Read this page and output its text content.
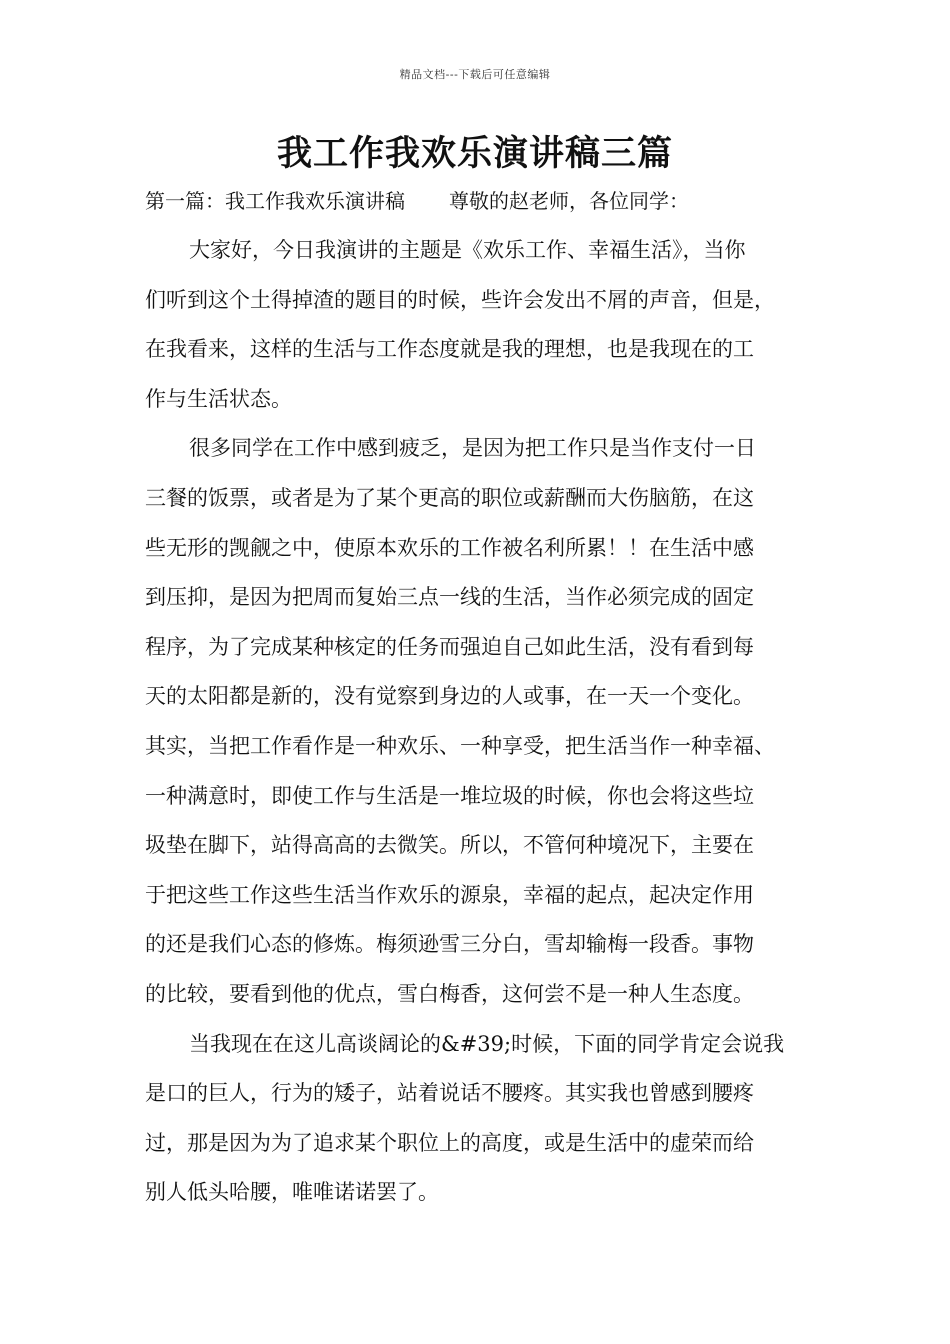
精品文档---下载后可任意编辑
我工作我欢乐演讲稿三篇
第一篇：我工作我欢乐演讲稿 尊敬的赵老师，各位同学：
大家好，今日我演讲的主题是《欢乐工作、幸福生活》，当你
们听到这个土得掉渣的题目的时候，些许会发出不屑的声音，但是，
在我看来，这样的生活与工作态度就是我的理想，也是我现在的工
作与生活状态。
很多同学在工作中感到疲乏，是因为把工作只是当作支付一日
三餐的饭票，或者是为了某个更高的职位或薪酬而大伤脑筋，在这
些无形的觊觎之中，使原本欢乐的工作被名利所累！！在生活中感
到压抑，是因为把周而复始三点一线的生活，当作必须完成的固定
程序，为了完成某种核定的任务而强迫自己如此生活，没有看到每
天的太阳都是新的，没有觉察到身边的人或事，在一天一个变化。
其实，当把工作看作是一种欢乐、一种享受，把生活当作一种幸福、
一种满意时，即使工作与生活是一堆垃圾的时候，你也会将这些垃
圾垫在脚下，站得高高的去微笑。所以，不管何种境况下，主要在
于把这些工作这些生活当作欢乐的源泉，幸福的起点，起决定作用
的还是我们心态的修炼。梅须逊雪三分白，雪却输梅一段香。事物
的比较，要看到他的优点，雪白梅香，这何尝不是一种人生态度。
当我现在在这儿高谈阔论的&#39;时候，下面的同学肯定会说我
是口的巨人，行为的矮子，站着说话不腰疼。其实我也曾感到腰疼
过，那是因为为了追求某个职位上的高度，或是生活中的虚荣而给
别人低头哈腰，唯唯诺诺罢了。
